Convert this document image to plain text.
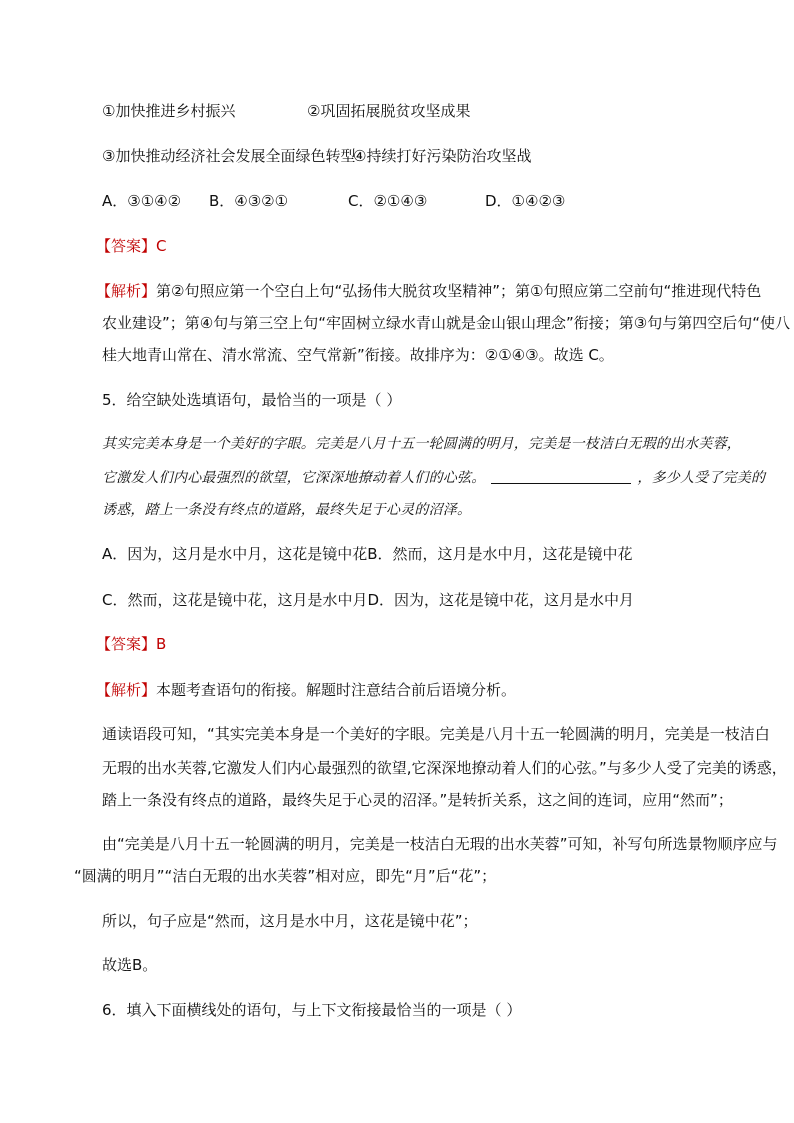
①加快推进乡村振兴	②巩固拓展脱贫攻坚成果
③加快推动经济社会发展全面绿色转型
④持续打好污染防治攻坚战
A．③①④② B．④③②①	C．②①④③	D．①④②③
【答案】C
【解析】第②句照应第一个空白上句“弘扬伟大脱贫攻坚精神”；第①句照应第二空前句“推进现代特色
农业建设”；第④句与第三空上句“牢固树立绿水青山就是金山银山理念”衔接；第③句与第四空后句“使八
桂大地青山常在、清水常流、空气常新”衔接。故排序为：②①④③。故选 C。
5．给空缺处选填语句，最恰当的一项是（ ）
其实完美本身是一个美好的字眼。完美是八月十五一轮圆满的明月，完美是一枝洁白无瑕的出水芙蓉，
它激发人们内心最强烈的欲望，它深深地撩动着人们的心弦。	，多少人受了完美的
诱惑，踏上一条没有终点的道路，最终失足于心灵的沼泽。
A．因为，这月是水中月，这花是镜中花B．然而，这月是水中月，这花是镜中花
C．然而，这花是镜中花，这月是水中月D．因为，这花是镜中花，这月是水中月
【答案】B
【解析】本题考查语句的衔接。解题时注意结合前后语境分析。
通读语段可知，“其实完美本身是一个美好的字眼。完美是八月十五一轮圆满的明月，完美是一枝洁白
无瑕的出水芙蓉,它激发人们内心最强烈的欲望,它深深地撩动着人们的心弦。”与多少人受了完美的诱惑，
踏上一条没有终点的道路，最终失足于心灵的沼泽。”是转折关系，这之间的连词，应用“然而”；
由“完美是八月十五一轮圆满的明月，完美是一枝洁白无瑕的出水芙蓉”可知，补写句所选景物顺序应与
“圆满的明月”“洁白无瑕的出水芙蓉”相对应，即先“月”后“花”；
所以，句子应是“然而，这月是水中月，这花是镜中花”；
故选B。
6．填入下面横线处的语句，与上下文衔接最恰当的一项是（ ）
